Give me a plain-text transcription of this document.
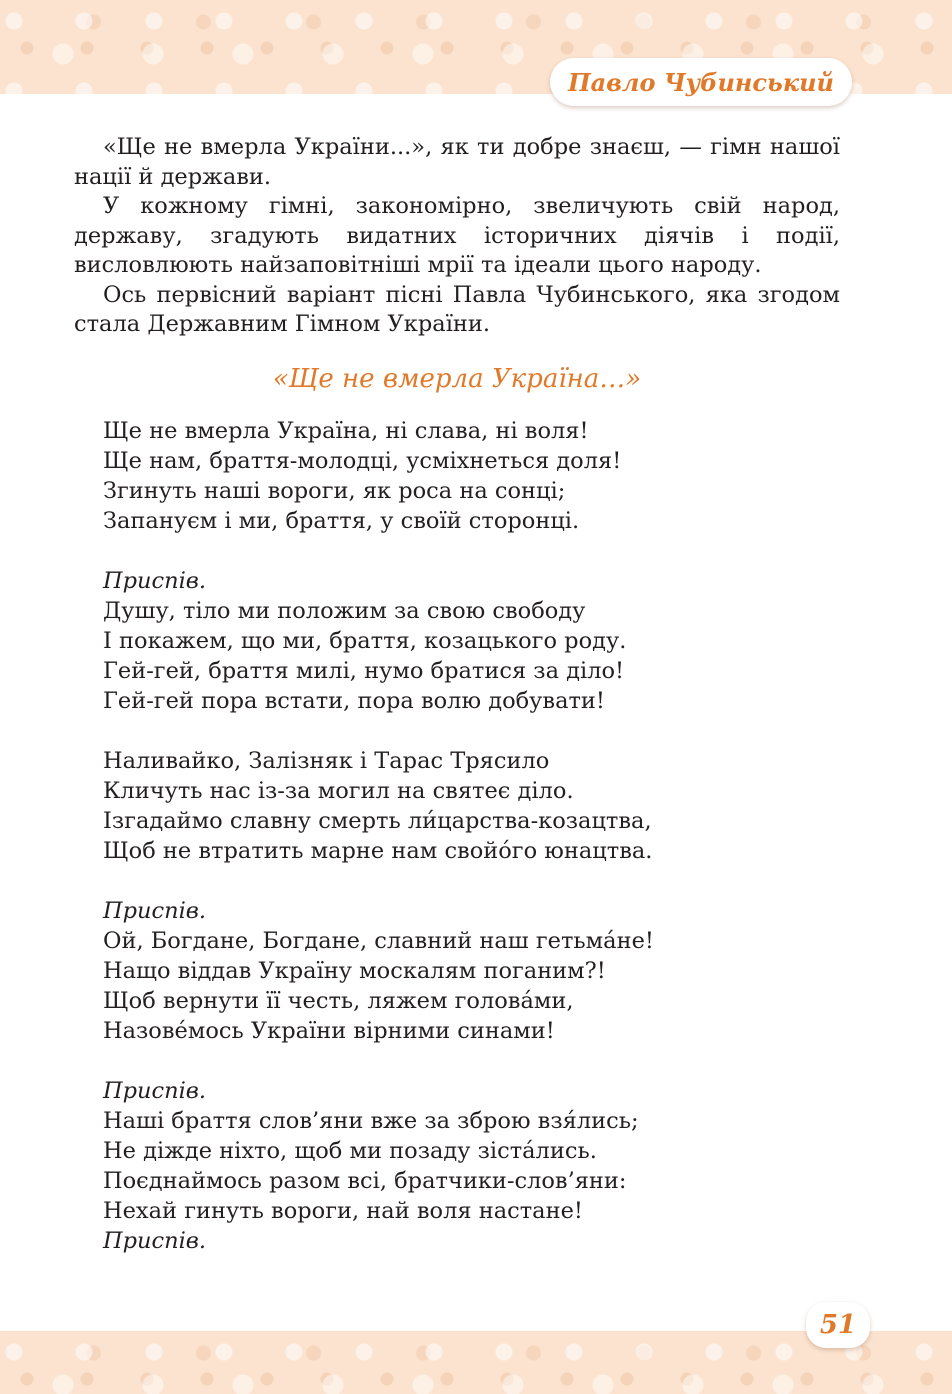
Павло Чубинський

«Ще не вмерла України...», як ти добре знаєш, — гімн нашої нації й держави.

У кожному гімні, закономірно, звеличують свій народ, державу, згадують видатних історичних діячів і події, висловлюють найзаповітніші мрії та ідеали цього народу.

Ось первісний варіант пісні Павла Чубинського, яка згодом стала Державним Гімном України.

«Ще не вмерла Україна…»
Ще не вмерла Україна, ні слава, ні воля!
Ще нам, браття-молодці, усміхнеться доля!
Згинуть наші вороги, як роса на сонці;
Запануєм і ми, браття, у своїй сторонці.
Приспів.
Душу, тіло ми положим за свою свободу
І покажем, що ми, браття, козацького роду.
Гей-гей, браття милі, нумо братися за діло!
Гей-гей пора встати, пора волю добувати!
Наливайко, Залізняк і Тарас Трясило
Кличуть нас із-за могил на святеє діло.
Ізгадаймо славну смерть ли́царства-козацтва,
Щоб не втратить марне нам свойо́го юнацтва.
Приспів.
Ой, Богдане, Богдане, славний наш гетьма́не!
Нащо віддав Україну москалям поганим?!
Щоб вернути її честь, ляжем голова́ми,
Назове́мось України вірними синами!
Приспів.
Наші браття слов’яни вже за зброю взя́лись;
Не діжде ніхто, щоб ми позаду зіста́лись.
Поєднаймось разом всі, братчики-слов’яни:
Нехай гинуть вороги, най воля настане!
Приспів.
51
